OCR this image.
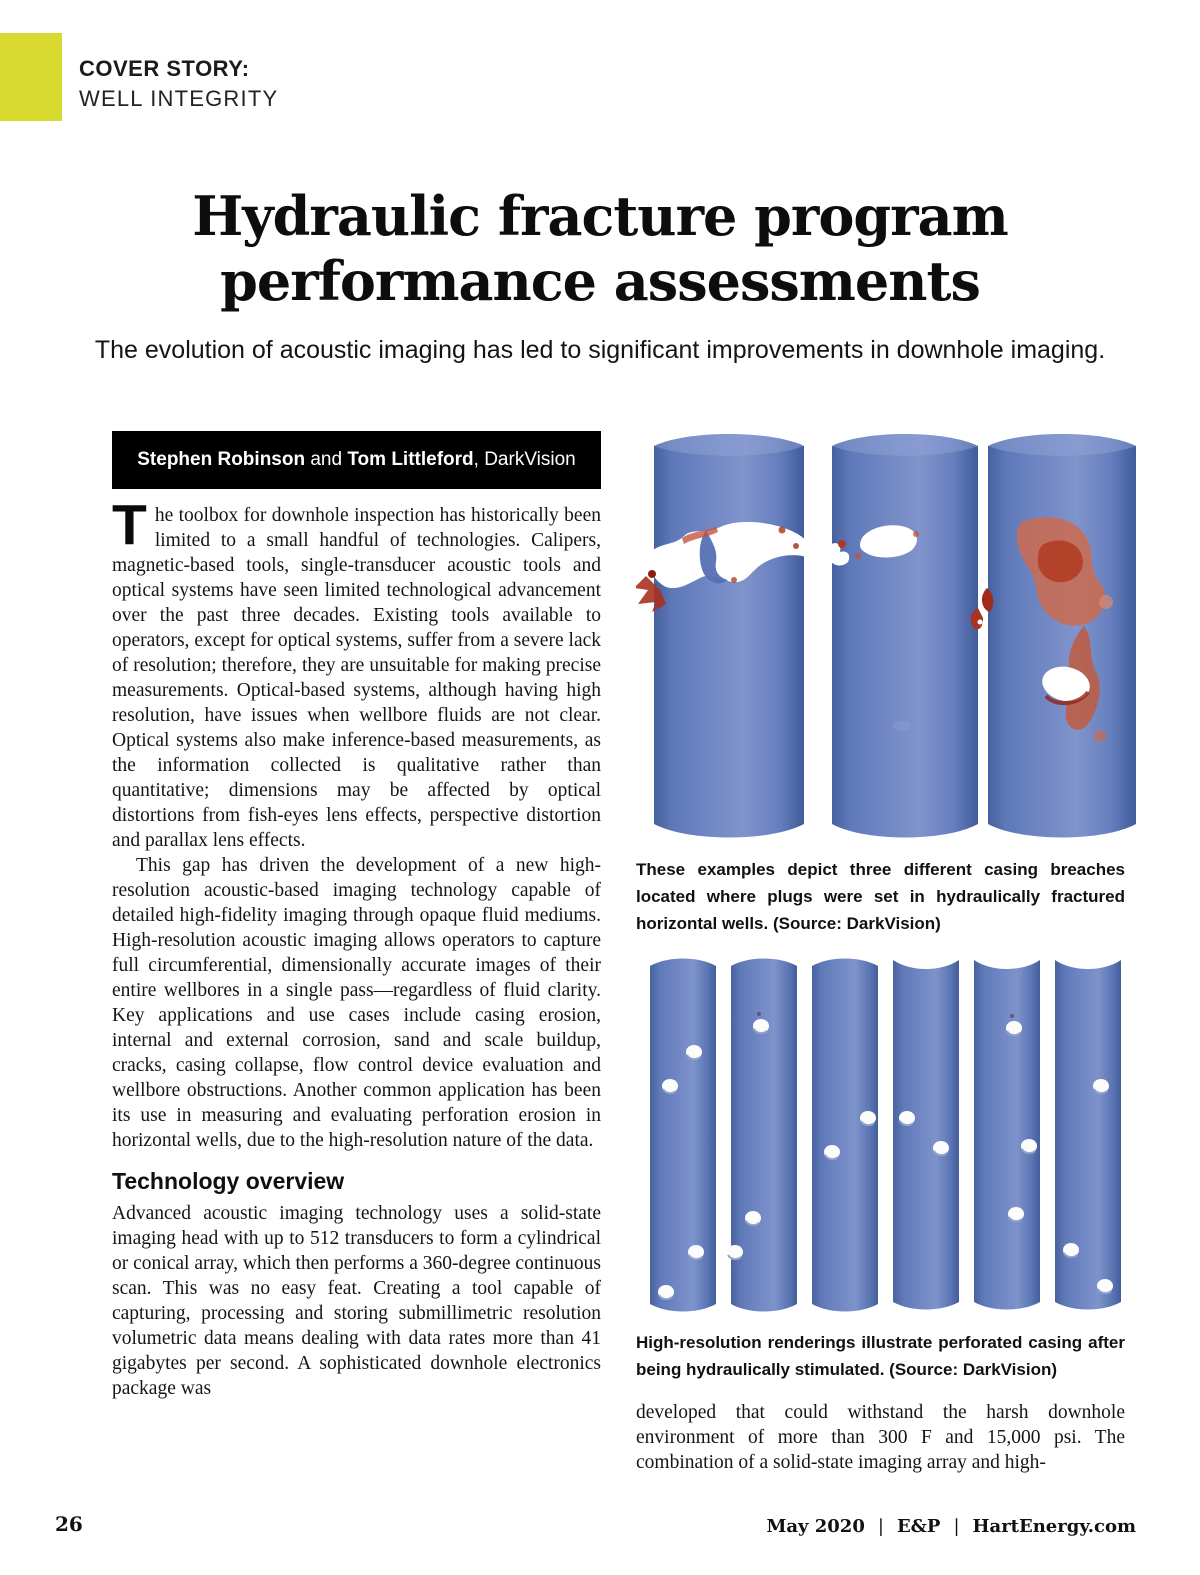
COVER STORY:
WELL INTEGRITY
Hydraulic fracture program
performance assessments

The evolution of acoustic imaging has led to significant improvements in downhole imaging.

Stephen Robinson and Tom Littleford , DarkVision

The toolbox for downhole inspection has historically been limited to a small handful of technologies. Calipers, magnetic-based tools, single-transducer acoustic tools and optical systems have seen limited technological advancement over the past three decades. Existing tools available to operators, except for optical systems, suffer from a severe lack of resolution; therefore, they are unsuitable for making precise measurements. Optical-based systems, although having high resolution, have issues when wellbore fluids are not clear. Optical systems also make inference-based measurements, as the information collected is qualitative rather than quantitative; dimensions may be affected by optical distortions from fish-eyes lens effects, perspective distortion and parallax lens effects.

This gap has driven the development of a new high-resolution acoustic-based imaging technology capable of detailed high-fidelity imaging through opaque fluid mediums. High-resolution acoustic imaging allows operators to capture full circumferential, dimensionally accurate images of their entire wellbores in a single pass—regardless of fluid clarity. Key applications and use cases include casing erosion, internal and external corrosion, sand and scale buildup, cracks, casing collapse, flow control device evaluation and wellbore obstructions. Another common application has been its use in measuring and evaluating perforation erosion in horizontal wells, due to the high-resolution nature of the data.

Technology overview

Advanced acoustic imaging technology uses a solid-state imaging head with up to 512 transducers to form a cylindrical or conical array, which then performs a 360-degree continuous scan. This was no easy feat. Creating a tool capable of capturing, processing and storing submillimetric resolution volumetric data means dealing with data rates more than 41 gigabytes per second. A sophisticated downhole electronics package was

These examples depict three different casing breaches located where plugs were set in hydraulically fractured horizontal wells. (Source: DarkVision)

High-resolution renderings illustrate perforated casing after being hydraulically stimulated. (Source: DarkVision)

developed that could withstand the harsh downhole environment of more than 300 F and 15,000 psi. The combination of a solid-state imaging array and high-

26	May 2020 | E&P | HartEnergy.com
